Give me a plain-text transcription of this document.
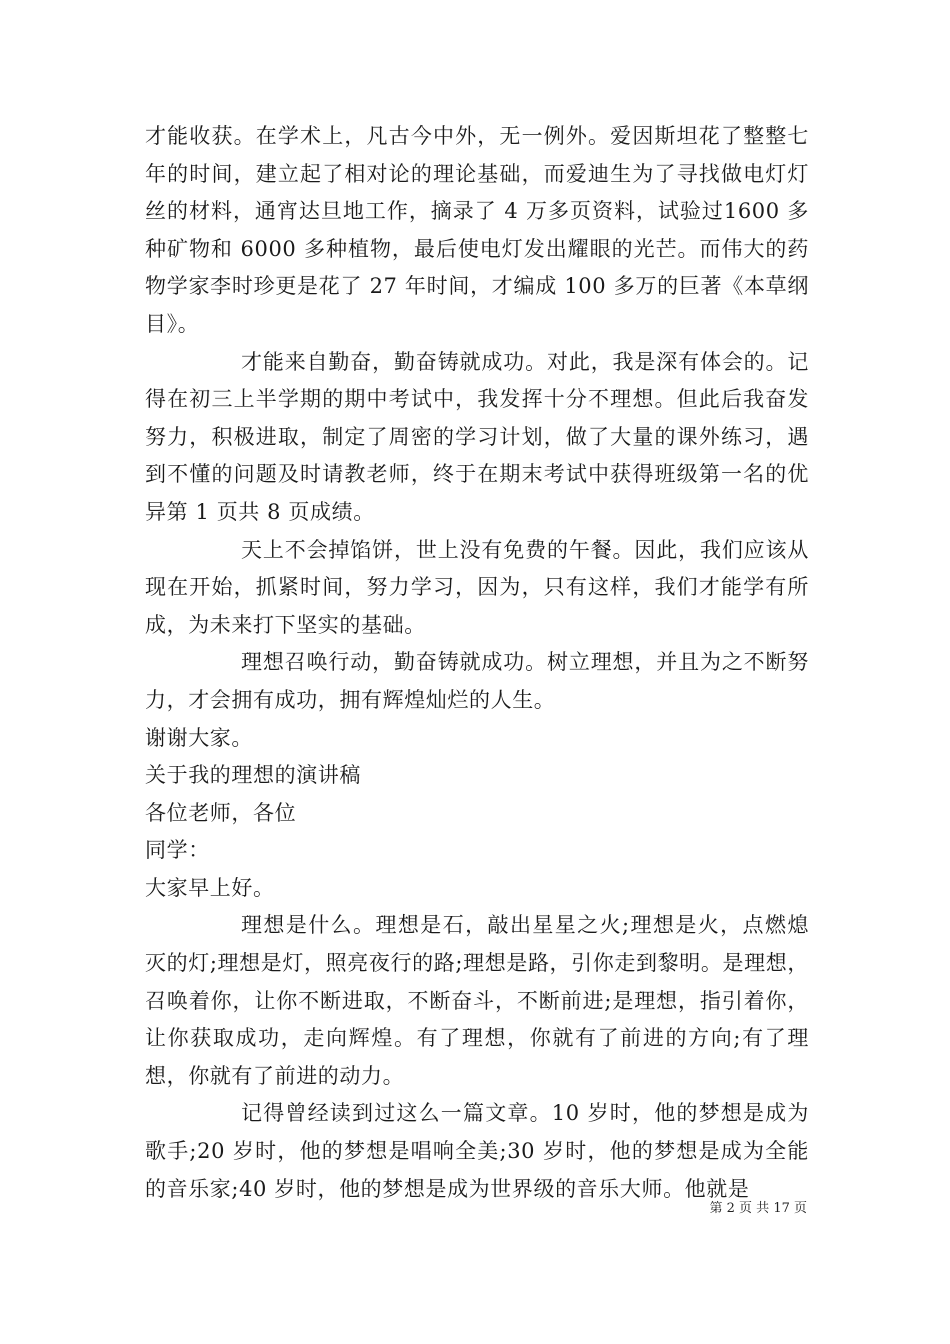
才能收获。在学术上，凡古今中外，无一例外。爱因斯坦花了整整七年的时间，建立起了相对论的理论基础，而爱迪生为了寻找做电灯灯丝的材料，通宵达旦地工作，摘录了 4 万多页资料，试验过1600 多种矿物和 6000 多种植物，最后使电灯发出耀眼的光芒。而伟大的药物学家李时珍更是花了 27 年时间，才编成 100 多万的巨著《本草纲目》。

才能来自勤奋，勤奋铸就成功。对此，我是深有体会的。记得在初三上半学期的期中考试中，我发挥十分不理想。但此后我奋发努力，积极进取，制定了周密的学习计划，做了大量的课外练习，遇到不懂的问题及时请教老师，终于在期末考试中获得班级第一名的优异第 1 页共 8 页成绩。

天上不会掉馅饼，世上没有免费的午餐。因此，我们应该从现在开始，抓紧时间，努力学习，因为，只有这样，我们才能学有所成，为未来打下坚实的基础。

理想召唤行动，勤奋铸就成功。树立理想，并且为之不断努力，才会拥有成功，拥有辉煌灿烂的人生。

谢谢大家。

关于我的理想的演讲稿

各位老师，各位

同学：

大家早上好。

理想是什么。理想是石，敲出星星之火;理想是火，点燃熄灭的灯;理想是灯，照亮夜行的路;理想是路，引你走到黎明。是理想，召唤着你，让你不断进取，不断奋斗，不断前进;是理想，指引着你，让你获取成功，走向辉煌。有了理想，你就有了前进的方向;有了理想，你就有了前进的动力。

记得曾经读到过这么一篇文章。10 岁时，他的梦想是成为歌手;20 岁时，他的梦想是唱响全美;30 岁时，他的梦想是成为全能的音乐家;40 岁时，他的梦想是成为世界级的音乐大师。他就是

第 2 页 共 17 页
